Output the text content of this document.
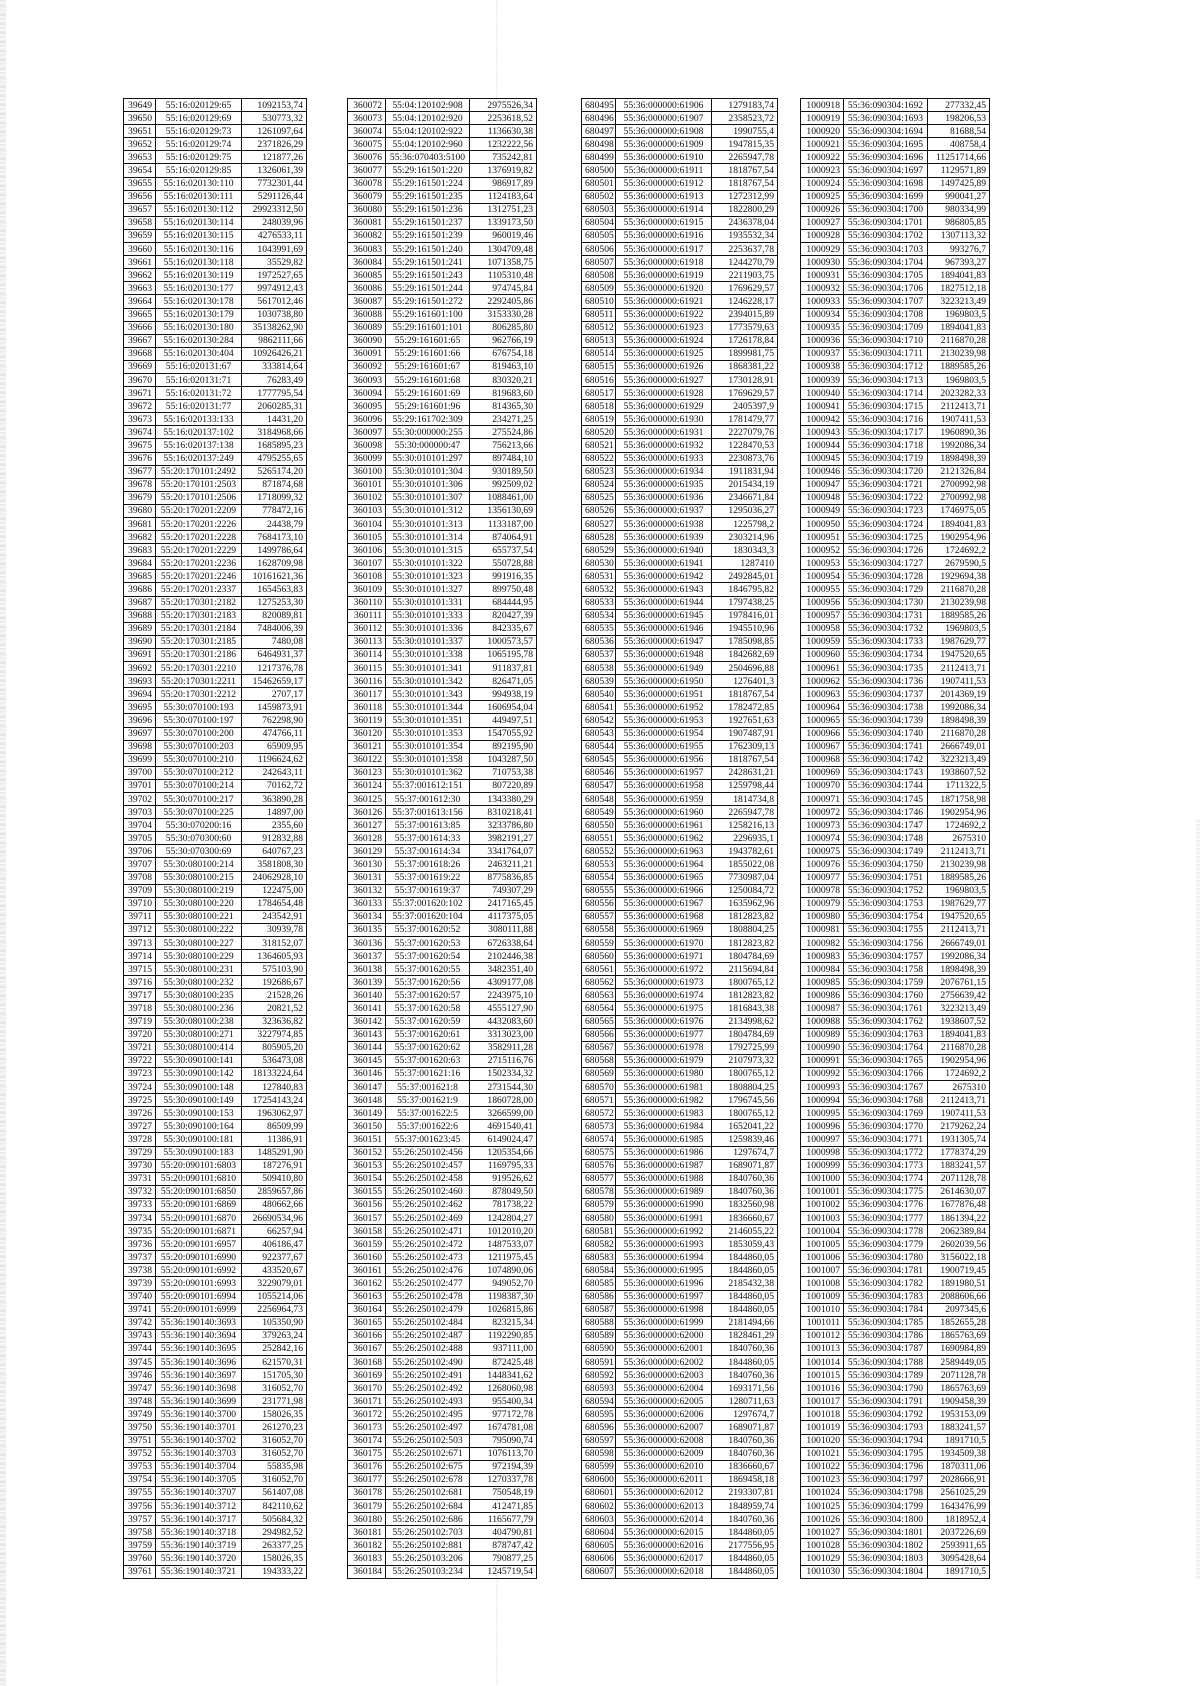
39649	55:16:020129:65	1092153,74
39650	55:16:020129:69	530773,32
39651	55:16:020129:73	1261097,64
39652	55:16:020129:74	2371826,29
39653	55:16:020129:75	121877,26
39654	55:16:020129:85	1326061,39
39655	55:16:020130:110	7732301,44
39656	55:16:020130:111	5291126,44
39657	55:16:020130:112	29923312,50
39658	55:16:020130:114	248039,96
39659	55:16:020130:115	4276533,11
39660	55:16:020130:116	1043991,69
39661	55:16:020130:118	35529,82
39662	55:16:020130:119	1972527,65
39663	55:16:020130:177	9974912,43
39664	55:16:020130:178	5617012,46
39665	55:16:020130:179	1030738,80
39666	55:16:020130:180	35138262,90
39667	55:16:020130:284	9862111,66
39668	55:16:020130:404	10926426,21
39669	55:16:020131:67	333814,64
39670	55:16:020131:71	76283,49
39671	55:16:020131:72	1777795,54
39672	55:16:020131:77	2060285,31
39673	55:16:020133:133	14431,20
39674	55:16:020137:102	3184968,66
39675	55:16:020137:138	1685895,23
39676	55:16:020137:249	4795255,65
39677	55:20:170101:2492	5265174,20
39678	55:20:170101:2503	871874,68
39679	55:20:170101:2506	1718099,32
39680	55:20:170201:2209	778472,16
39681	55:20:170201:2226	24438,79
39682	55:20:170201:2228	7684173,10
39683	55:20:170201:2229	1499786,64
39684	55:20:170201:2236	1628709,98
39685	55:20:170201:2246	10161621,36
39686	55:20:170201:2337	1654563,83
39687	55:20:170301:2182	1275253,30
39688	55:20:170301:2183	820089,81
39689	55:20:170301:2184	7484006,39
39690	55:20:170301:2185	7480,08
39691	55:20:170301:2186	6464931,37
39692	55:20:170301:2210	1217376,78
39693	55:20:170301:2211	15462659,17
39694	55:20:170301:2212	2707,17
39695	55:30:070100:193	1459873,91
39696	55:30:070100:197	762298,90
39697	55:30:070100:200	474766,11
39698	55:30:070100:203	65909,95
39699	55:30:070100:210	1196624,62
39700	55:30:070100:212	242643,11
39701	55:30:070100:214	70162,72
39702	55:30:070100:217	363890,28
39703	55:30:070100:225	14897,00
39704	55:30:070200:16	2355,60
39705	55:30:070300:60	912832,88
39706	55:30:070300:69	640767,23
39707	55:30:080100:214	3581808,30
39708	55:30:080100:215	24062928,10
39709	55:30:080100:219	122475,00
39710	55:30:080100:220	1784654,48
39711	55:30:080100:221	243542,91
39712	55:30:080100:222	30939,78
39713	55:30:080100:227	318152,07
39714	55:30:080100:229	1364605,93
39715	55:30:080100:231	575103,90
39716	55:30:080100:232	192686,67
39717	55:30:080100:235	21528,26
39718	55:30:080100:236	20821,52
39719	55:30:080100:238	323636,82
39720	55:30:080100:271	3227974,85
39721	55:30:080100:414	805905,20
39722	55:30:090100:141	536473,08
39723	55:30:090100:142	18133224,64
39724	55:30:090100:148	127840,83
39725	55:30:090100:149	17254143,24
39726	55:30:090100:153	1963062,97
39727	55:30:090100:164	86509,99
39728	55:30:090100:181	11386,91
39729	55:30:090100:183	1485291,90
39730	55:20:090101:6803	187276,91
39731	55:20:090101:6810	509410,80
39732	55:20:090101:6850	2859657,86
39733	55:20:090101:6869	480662,66
39734	55:20:090101:6870	26690534,96
39735	55:20:090101:6871	66257,94
39736	55:20:090101:6957	406186,47
39737	55:20:090101:6990	922377,67
39738	55:20:090101:6992	433520,67
39739	55:20:090101:6993	3229079,01
39740	55:20:090101:6994	1055214,06
39741	55:20:090101:6999	2256964,73
39742	55:36:190140:3693	105350,90
39743	55:36:190140:3694	379263,24
39744	55:36:190140:3695	252842,16
39745	55:36:190140:3696	621570,31
39746	55:36:190140:3697	151705,30
39747	55:36:190140:3698	316052,70
39748	55:36:190140:3699	231771,98
39749	55:36:190140:3700	158026,35
39750	55:36:190140:3701	261270,23
39751	55:36:190140:3702	316052,70
39752	55:36:190140:3703	316052,70
39753	55:36:190140:3704	55835,98
39754	55:36:190140:3705	316052,70
39755	55:36:190140:3707	561407,08
39756	55:36:190140:3712	842110,62
39757	55:36:190140:3717	505684,32
39758	55:36:190140:3718	294982,52
39759	55:36:190140:3719	263377,25
39760	55:36:190140:3720	158026,35
39761	55:36:190140:3721	194333,22
360072	55:04:120102:908	2975526,34
360073	55:04:120102:920	2253618,52
360074	55:04:120102:922	1136630,38
360075	55:04:120102:960	1232222,56
360076	55:36:070403:5100	735242,81
360077	55:29:161501:220	1376919,82
360078	55:29:161501:224	986917,89
360079	55:29:161501:235	1124183,64
360080	55:29:161501:236	1312751,23
360081	55:29:161501:237	1339173,50
360082	55:29:161501:239	960019,46
360083	55:29:161501:240	1304709,48
360084	55:29:161501:241	1071358,75
360085	55:29:161501:243	1105310,48
360086	55:29:161501:244	974745,84
360087	55:29:161501:272	2292405,86
360088	55:29:161601:100	3153330,28
360089	55:29:161601:101	806285,80
360090	55:29:161601:65	962766,19
360091	55:29:161601:66	676754,18
360092	55:29:161601:67	819463,10
360093	55:29:161601:68	830320,21
360094	55:29:161601:69	819683,60
360095	55:29:161601:96	814365,30
360096	55:29:161702:309	234271,25
360097	55:30:000000:255	275524,86
360098	55:30:000000:47	756213,66
360099	55:30:010101:297	897484,10
360100	55:30:010101:304	930189,50
360101	55:30:010101:306	992509,02
360102	55:30:010101:307	1088461,00
360103	55:30:010101:312	1356130,69
360104	55:30:010101:313	1133187,00
360105	55:30:010101:314	874064,91
360106	55:30:010101:315	655737,54
360107	55:30:010101:322	550728,88
360108	55:30:010101:323	991916,35
360109	55:30:010101:327	899750,48
360110	55:30:010101:331	684444,95
360111	55:30:010101:333	820427,39
360112	55:30:010101:336	842335,67
360113	55:30:010101:337	1000573,57
360114	55:30:010101:338	1065195,78
360115	55:30:010101:341	911837,81
360116	55:30:010101:342	826471,05
360117	55:30:010101:343	994938,19
360118	55:30:010101:344	1606954,04
360119	55:30:010101:351	449497,51
360120	55:30:010101:353	1547055,92
360121	55:30:010101:354	892195,90
360122	55:30:010101:358	1043287,50
360123	55:30:010101:362	710753,38
360124	55:37:001612:151	807220,89
360125	55:37:001612:30	1343380,29
360126	55:37:001613:156	8310218,41
360127	55:37:001613:85	3233786,80
360128	55:37:001614:33	3982191,27
360129	55:37:001614:34	3341764,07
360130	55:37:001618:26	2463211,21
360131	55:37:001619:22	8775836,85
360132	55:37:001619:37	749307,29
360133	55:37:001620:102	2417165,45
360134	55:37:001620:104	4117375,05
360135	55:37:001620:52	3080111,88
360136	55:37:001620:53	6726338,64
360137	55:37:001620:54	2102446,38
360138	55:37:001620:55	3482351,40
360139	55:37:001620:56	4309177,08
360140	55:37:001620:57	2243975,10
360141	55:37:001620:58	4555127,90
360142	55:37:001620:59	4432083,60
360143	55:37:001620:61	3313023,00
360144	55:37:001620:62	3582911,28
360145	55:37:001620:63	2715116,76
360146	55:37:001621:16	1502334,32
360147	55:37:001621:8	2731544,30
360148	55:37:001621:9	1860728,00
360149	55:37:001622:5	3266599,00
360150	55:37:001622:6	4691540,41
360151	55:37:001623:45	6149024,47
360152	55:26:250102:456	1205354,66
360153	55:26:250102:457	1169795,33
360154	55:26:250102:458	919526,62
360155	55:26:250102:460	878049,50
360156	55:26:250102:462	781738,22
360157	55:26:250102:469	1242804,27
360158	55:26:250102:471	1012010,20
360159	55:26:250102:472	1487533,07
360160	55:26:250102:473	1211975,45
360161	55:26:250102:476	1074890,06
360162	55:26:250102:477	949052,70
360163	55:26:250102:478	1198387,30
360164	55:26:250102:479	1026815,86
360165	55:26:250102:484	823215,34
360166	55:26:250102:487	1192290,85
360167	55:26:250102:488	937111,00
360168	55:26:250102:490	872425,48
360169	55:26:250102:491	1448341,62
360170	55:26:250102:492	1268060,98
360171	55:26:250102:493	955400,34
360172	55:26:250102:495	977172,78
360173	55:26:250102:497	1674781,08
360174	55:26:250102:503	795090,74
360175	55:26:250102:671	1076113,70
360176	55:26:250102:675	972194,39
360177	55:26:250102:678	1270337,78
360178	55:26:250102:681	750548,19
360179	55:26:250102:684	412471,85
360180	55:26:250102:686	1165677,79
360181	55:26:250102:703	404790,81
360182	55:26:250102:881	878747,42
360183	55:26:250103:206	790877,25
360184	55:26:250103:234	1245719,54
680495	55:36:000000:61906	1279183,74
680496	55:36:000000:61907	2358523,72
680497	55:36:000000:61908	1990755,4
680498	55:36:000000:61909	1947815,35
680499	55:36:000000:61910	2265947,78
680500	55:36:000000:61911	1818767,54
680501	55:36:000000:61912	1818767,54
680502	55:36:000000:61913	1272312,99
680503	55:36:000000:61914	1822800,29
680504	55:36:000000:61915	2436378,04
680505	55:36:000000:61916	1935532,34
680506	55:36:000000:61917	2253637,78
680507	55:36:000000:61918	1244270,79
680508	55:36:000000:61919	2211903,75
680509	55:36:000000:61920	1769629,57
680510	55:36:000000:61921	1246228,17
680511	55:36:000000:61922	2394015,89
680512	55:36:000000:61923	1773579,63
680513	55:36:000000:61924	1726178,84
680514	55:36:000000:61925	1899981,75
680515	55:36:000000:61926	1868381,22
680516	55:36:000000:61927	1730128,91
680517	55:36:000000:61928	1769629,57
680518	55:36:000000:61929	2405397,9
680519	55:36:000000:61930	1781479,77
680520	55:36:000000:61931	2227079,76
680521	55:36:000000:61932	1228470,53
680522	55:36:000000:61933	2230873,76
680523	55:36:000000:61934	1911831,94
680524	55:36:000000:61935	2015434,19
680525	55:36:000000:61936	2346671,84
680526	55:36:000000:61937	1295036,27
680527	55:36:000000:61938	1225798,2
680528	55:36:000000:61939	2303214,96
680529	55:36:000000:61940	1830343,3
680530	55:36:000000:61941	1287410
680531	55:36:000000:61942	2492845,01
680532	55:36:000000:61943	1846795,82
680533	55:36:000000:61944	1797438,25
680534	55:36:000000:61945	1978416,01
680535	55:36:000000:61946	1945510,96
680536	55:36:000000:61947	1785098,85
680537	55:36:000000:61948	1842682,69
680538	55:36:000000:61949	2504696,88
680539	55:36:000000:61950	1276401,3
680540	55:36:000000:61951	1818767,54
680541	55:36:000000:61952	1782472,85
680542	55:36:000000:61953	1927651,63
680543	55:36:000000:61954	1907487,91
680544	55:36:000000:61955	1762309,13
680545	55:36:000000:61956	1818767,54
680546	55:36:000000:61957	2428631,21
680547	55:36:000000:61958	1259798,44
680548	55:36:000000:61959	1814734,8
680549	55:36:000000:61960	2265947,78
680550	55:36:000000:61961	1258216,13
680551	55:36:000000:61962	2296935,1
680552	55:36:000000:61963	1943782,61
680553	55:36:000000:61964	1855022,08
680554	55:36:000000:61965	7730987,04
680555	55:36:000000:61966	1250084,72
680556	55:36:000000:61967	1635962,96
680557	55:36:000000:61968	1812823,82
680558	55:36:000000:61969	1808804,25
680559	55:36:000000:61970	1812823,82
680560	55:36:000000:61971	1804784,69
680561	55:36:000000:61972	2115694,84
680562	55:36:000000:61973	1800765,12
680563	55:36:000000:61974	1812823,82
680564	55:36:000000:61975	1816843,38
680565	55:36:000000:61976	2134998,62
680566	55:36:000000:61977	1804784,69
680567	55:36:000000:61978	1792725,99
680568	55:36:000000:61979	2107973,32
680569	55:36:000000:61980	1800765,12
680570	55:36:000000:61981	1808804,25
680571	55:36:000000:61982	1796745,56
680572	55:36:000000:61983	1800765,12
680573	55:36:000000:61984	1652041,22
680574	55:36:000000:61985	1259839,46
680575	55:36:000000:61986	1297674,7
680576	55:36:000000:61987	1689071,87
680577	55:36:000000:61988	1840760,36
680578	55:36:000000:61989	1840760,36
680579	55:36:000000:61990	1832560,98
680580	55:36:000000:61991	1836660,67
680581	55:36:000000:61992	2146055,22
680582	55:36:000000:61993	1853059,43
680583	55:36:000000:61994	1844860,05
680584	55:36:000000:61995	1844860,05
680585	55:36:000000:61996	2185432,38
680586	55:36:000000:61997	1844860,05
680587	55:36:000000:61998	1844860,05
680588	55:36:000000:61999	2181494,66
680589	55:36:000000:62000	1828461,29
680590	55:36:000000:62001	1840760,36
680591	55:36:000000:62002	1844860,05
680592	55:36:000000:62003	1840760,36
680593	55:36:000000:62004	1693171,56
680594	55:36:000000:62005	1280711,63
680595	55:36:000000:62006	1297674,7
680596	55:36:000000:62007	1689071,87
680597	55:36:000000:62008	1840760,36
680598	55:36:000000:62009	1840760,36
680599	55:36:000000:62010	1836660,67
680600	55:36:000000:62011	1869458,18
680601	55:36:000000:62012	2193307,81
680602	55:36:000000:62013	1848959,74
680603	55:36:000000:62014	1840760,36
680604	55:36:000000:62015	1844860,05
680605	55:36:000000:62016	2177556,95
680606	55:36:000000:62017	1844860,05
680607	55:36:000000:62018	1844860,05
1000918	55:36:090304:1692	277332,45
1000919	55:36:090304:1693	198206,53
1000920	55:36:090304:1694	81688,54
1000921	55:36:090304:1695	408758,4
1000922	55:36:090304:1696	11251714,66
1000923	55:36:090304:1697	1129571,89
1000924	55:36:090304:1698	1497425,89
1000925	55:36:090304:1699	990041,27
1000926	55:36:090304:1700	980334,99
1000927	55:36:090304:1701	986805,85
1000928	55:36:090304:1702	1307113,32
1000929	55:36:090304:1703	993276,7
1000930	55:36:090304:1704	967393,27
1000931	55:36:090304:1705	1894041,83
1000932	55:36:090304:1706	1827512,18
1000933	55:36:090304:1707	3223213,49
1000934	55:36:090304:1708	1969803,5
1000935	55:36:090304:1709	1894041,83
1000936	55:36:090304:1710	2116870,28
1000937	55:36:090304:1711	2130239,98
1000938	55:36:090304:1712	1889585,26
1000939	55:36:090304:1713	1969803,5
1000940	55:36:090304:1714	2023282,33
1000941	55:36:090304:1715	2112413,71
1000942	55:36:090304:1716	1907411,53
1000943	55:36:090304:1717	1960890,36
1000944	55:36:090304:1718	1992086,34
1000945	55:36:090304:1719	1898498,39
1000946	55:36:090304:1720	2121326,84
1000947	55:36:090304:1721	2700992,98
1000948	55:36:090304:1722	2700992,98
1000949	55:36:090304:1723	1746975,05
1000950	55:36:090304:1724	1894041,83
1000951	55:36:090304:1725	1902954,96
1000952	55:36:090304:1726	1724692,2
1000953	55:36:090304:1727	2679590,5
1000954	55:36:090304:1728	1929694,38
1000955	55:36:090304:1729	2116870,28
1000956	55:36:090304:1730	2130239,98
1000957	55:36:090304:1731	1889585,26
1000958	55:36:090304:1732	1969803,5
1000959	55:36:090304:1733	1987629,77
1000960	55:36:090304:1734	1947520,65
1000961	55:36:090304:1735	2112413,71
1000962	55:36:090304:1736	1907411,53
1000963	55:36:090304:1737	2014369,19
1000964	55:36:090304:1738	1992086,34
1000965	55:36:090304:1739	1898498,39
1000966	55:36:090304:1740	2116870,28
1000967	55:36:090304:1741	2666749,01
1000968	55:36:090304:1742	3223213,49
1000969	55:36:090304:1743	1938607,52
1000970	55:36:090304:1744	1711322,5
1000971	55:36:090304:1745	1871758,98
1000972	55:36:090304:1746	1902954,96
1000973	55:36:090304:1747	1724692,2
1000974	55:36:090304:1748	2675310
1000975	55:36:090304:1749	2112413,71
1000976	55:36:090304:1750	2130239,98
1000977	55:36:090304:1751	1889585,26
1000978	55:36:090304:1752	1969803,5
1000979	55:36:090304:1753	1987629,77
1000980	55:36:090304:1754	1947520,65
1000981	55:36:090304:1755	2112413,71
1000982	55:36:090304:1756	2666749,01
1000983	55:36:090304:1757	1992086,34
1000984	55:36:090304:1758	1898498,39
1000985	55:36:090304:1759	2076761,15
1000986	55:36:090304:1760	2756639,42
1000987	55:36:090304:1761	3223213,49
1000988	55:36:090304:1762	1938607,52
1000989	55:36:090304:1763	1894041,83
1000990	55:36:090304:1764	2116870,28
1000991	55:36:090304:1765	1902954,96
1000992	55:36:090304:1766	1724692,2
1000993	55:36:090304:1767	2675310
1000994	55:36:090304:1768	2112413,71
1000995	55:36:090304:1769	1907411,53
1000996	55:36:090304:1770	2179262,24
1000997	55:36:090304:1771	1931305,74
1000998	55:36:090304:1772	1778374,29
1000999	55:36:090304:1773	1883241,57
1001000	55:36:090304:1774	2071128,78
1001001	55:36:090304:1775	2614630,07
1001002	55:36:090304:1776	1677876,48
1001003	55:36:090304:1777	1861394,22
1001004	55:36:090304:1778	2062389,84
1001005	55:36:090304:1779	2602039,56
1001006	55:36:090304:1780	3156022,18
1001007	55:36:090304:1781	1900719,45
1001008	55:36:090304:1782	1891980,51
1001009	55:36:090304:1783	2088606,66
1001010	55:36:090304:1784	2097345,6
1001011	55:36:090304:1785	1852655,28
1001012	55:36:090304:1786	1865763,69
1001013	55:36:090304:1787	1690984,89
1001014	55:36:090304:1788	2589449,05
1001015	55:36:090304:1789	2071128,78
1001016	55:36:090304:1790	1865763,69
1001017	55:36:090304:1791	1909458,39
1001018	55:36:090304:1792	1953153,09
1001019	55:36:090304:1793	1883241,57
1001020	55:36:090304:1794	1891710,5
1001021	55:36:090304:1795	1934509,38
1001022	55:36:090304:1796	1870311,06
1001023	55:36:090304:1797	2028666,91
1001024	55:36:090304:1798	2561025,29
1001025	55:36:090304:1799	1643476,99
1001026	55:36:090304:1800	1818952,4
1001027	55:36:090304:1801	2037226,69
1001028	55:36:090304:1802	2593911,65
1001029	55:36:090304:1803	3095428,64
1001030	55:36:090304:1804	1891710,5
